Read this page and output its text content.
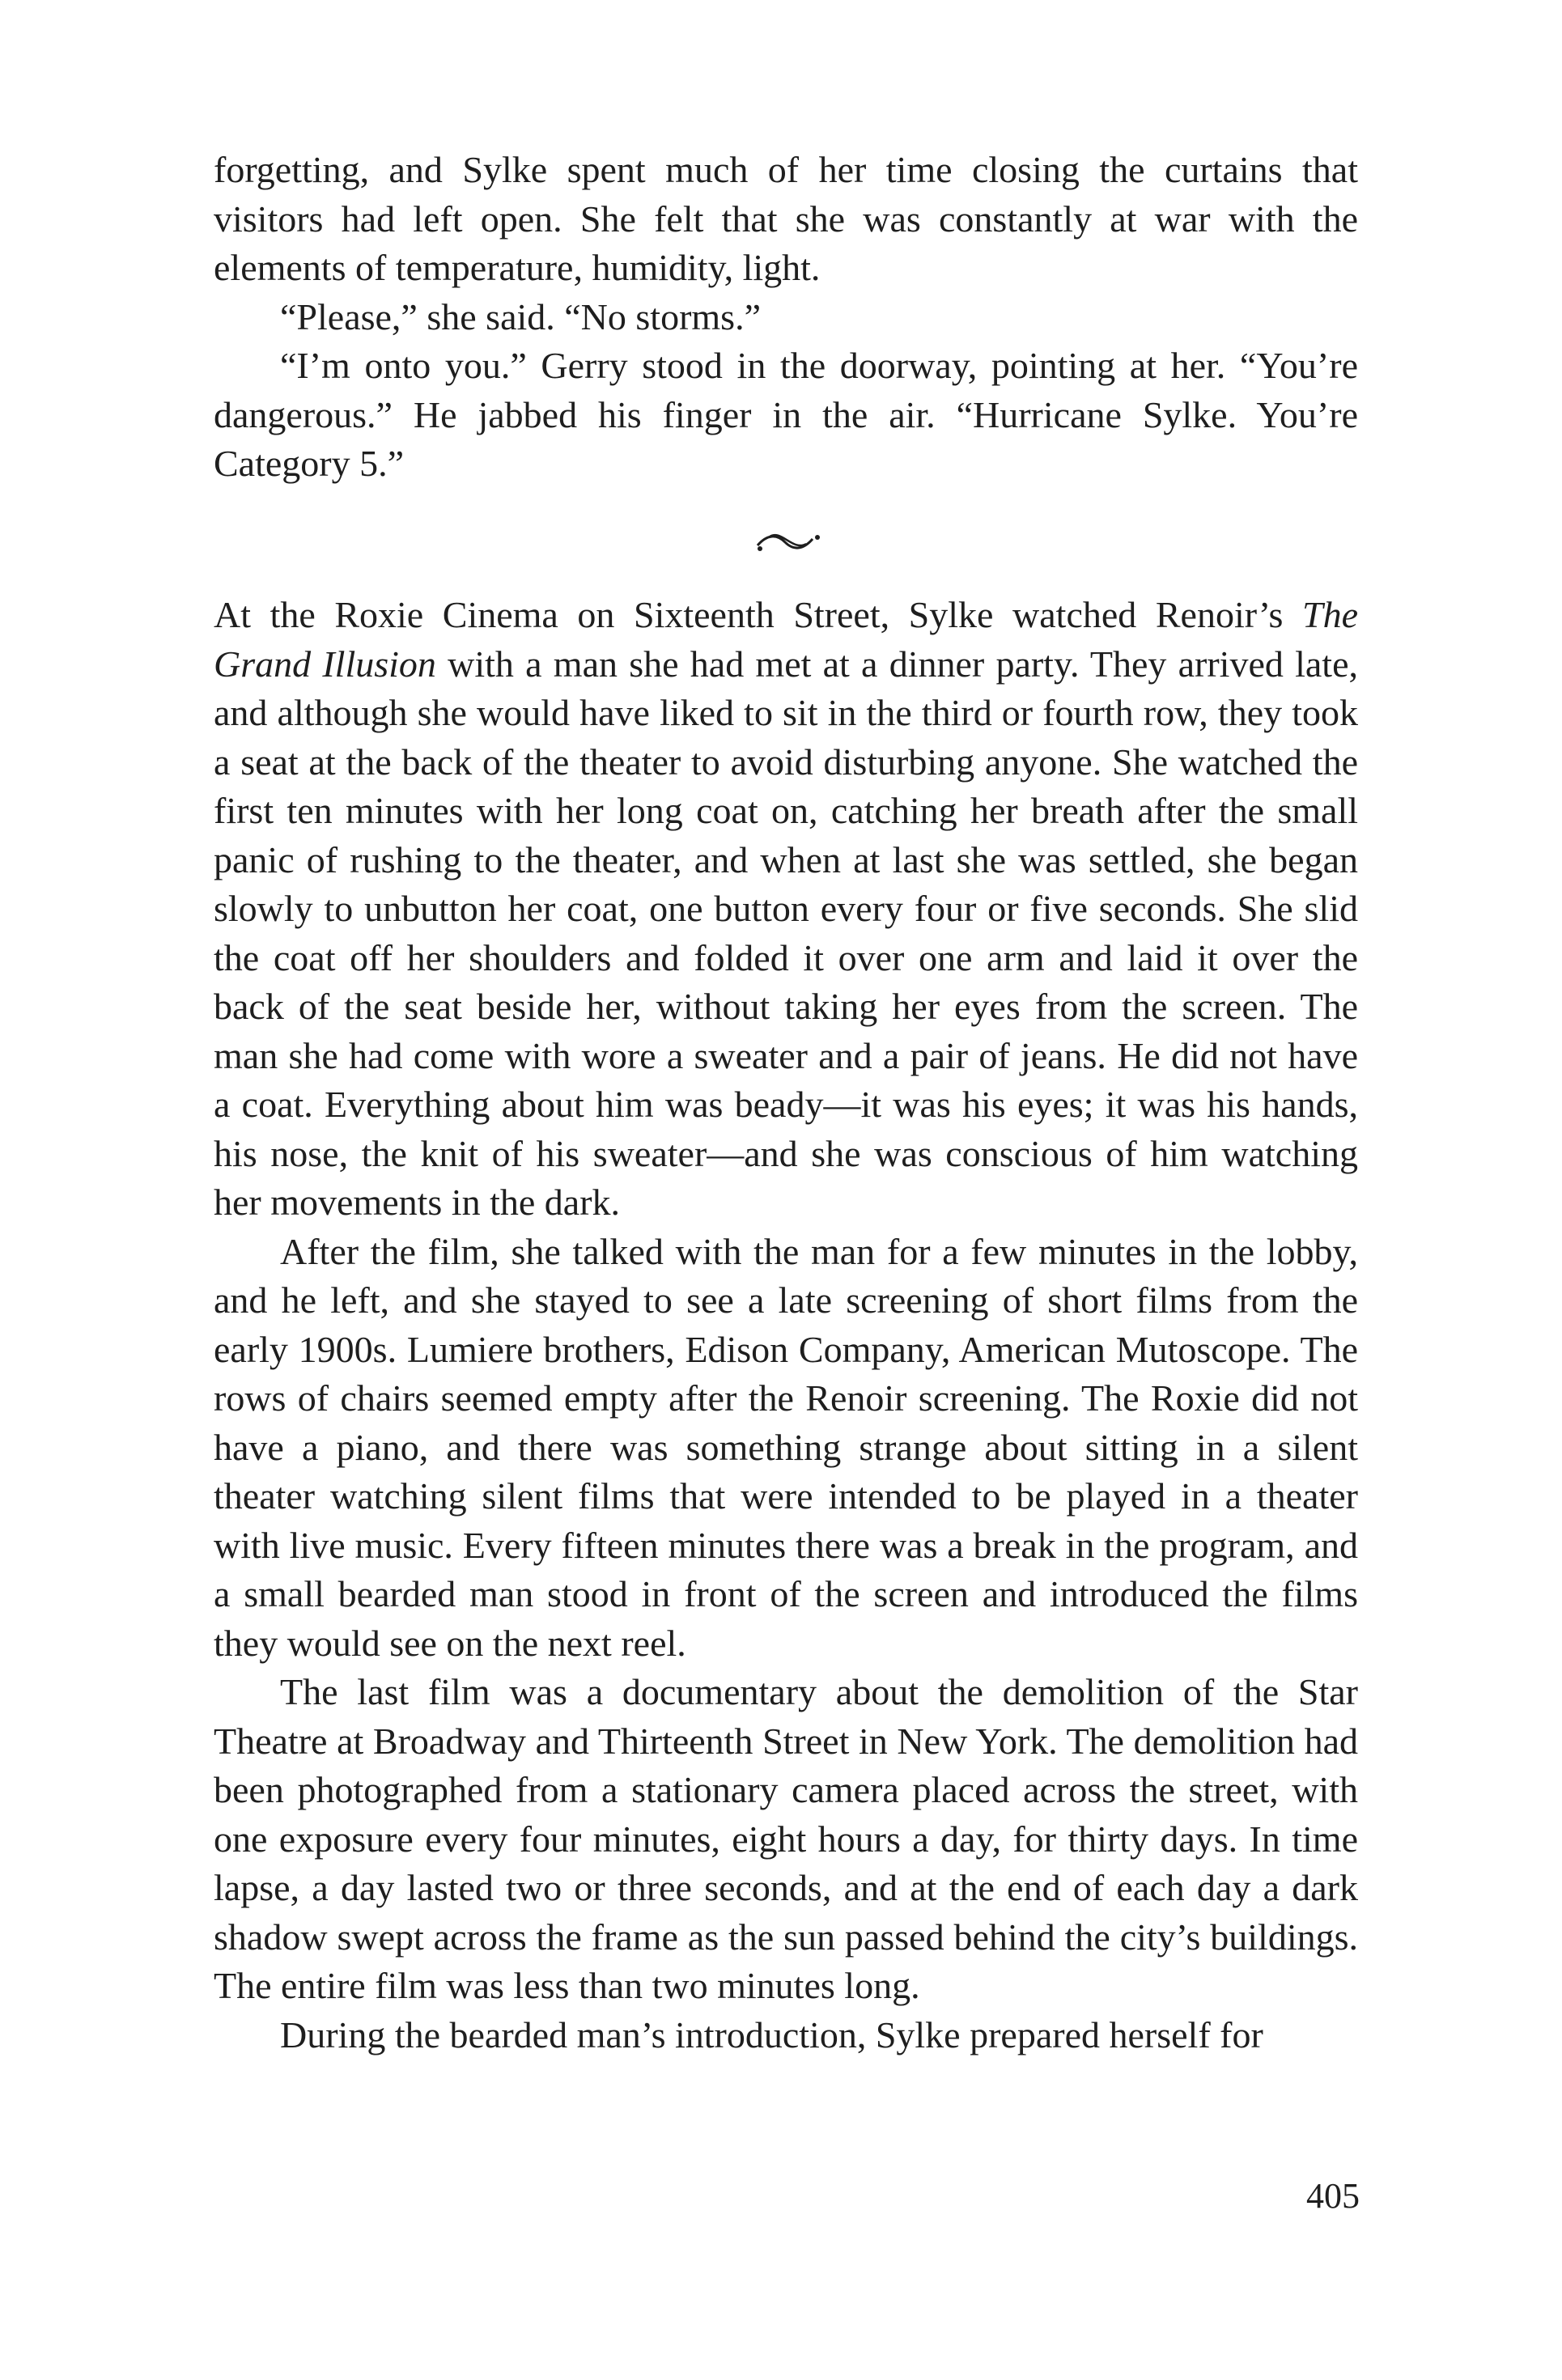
forgetting, and Sylke spent much of her time closing the curtains that visitors had left open. She felt that she was constantly at war with the elements of temperature, humidity, light.

“Please,” she said. “No storms.”

“I’m onto you.” Gerry stood in the doorway, pointing at her. “You’re dangerous.” He jabbed his finger in the air. “Hurricane Sylke. You’re Category 5.”

At the Roxie Cinema on Sixteenth Street, Sylke watched Renoir’s The Grand Illusion with a man she had met at a dinner party. They arrived late, and although she would have liked to sit in the third or fourth row, they took a seat at the back of the theater to avoid disturbing anyone. She watched the first ten minutes with her long coat on, catching her breath after the small panic of rushing to the theater, and when at last she was settled, she began slowly to unbutton her coat, one button every four or five seconds. She slid the coat off her shoulders and folded it over one arm and laid it over the back of the seat beside her, without taking her eyes from the screen. The man she had come with wore a sweater and a pair of jeans. He did not have a coat. Everything about him was beady—it was his eyes; it was his hands, his nose, the knit of his sweater—and she was conscious of him watching her movements in the dark.

After the film, she talked with the man for a few minutes in the lobby, and he left, and she stayed to see a late screening of short films from the early 1900s. Lumiere brothers, Edison Company, American Mutoscope. The rows of chairs seemed empty after the Renoir screening. The Roxie did not have a piano, and there was something strange about sitting in a silent theater watching silent films that were intended to be played in a theater with live music. Every fifteen minutes there was a break in the program, and a small bearded man stood in front of the screen and introduced the films they would see on the next reel.

The last film was a documentary about the demolition of the Star Theatre at Broadway and Thirteenth Street in New York. The demolition had been photographed from a stationary camera placed across the street, with one exposure every four minutes, eight hours a day, for thirty days. In time lapse, a day lasted two or three seconds, and at the end of each day a dark shadow swept across the frame as the sun passed behind the city’s buildings. The entire film was less than two minutes long.

During the bearded man’s introduction, Sylke prepared herself for

405
